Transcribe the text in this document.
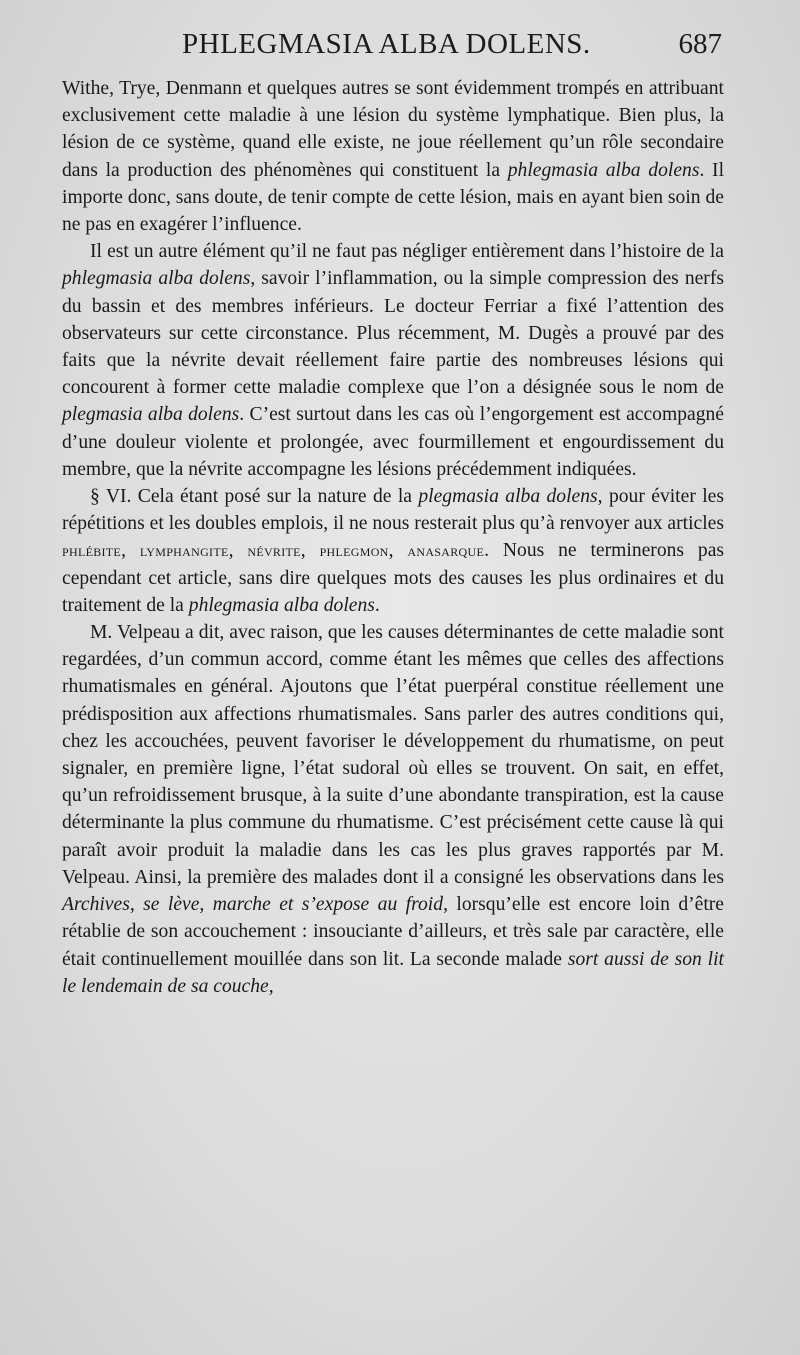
PHLEGMASIA ALBA DOLENS.	687

Withe, Trye, Denmann et quelques autres se sont évidemment trompés en attribuant exclusivement cette maladie à une lésion du système lymphatique. Bien plus, la lésion de ce système, quand elle existe, ne joue réellement qu’un rôle secondaire dans la production des phénomènes qui constituent la phlegmasia alba dolens. Il importe donc, sans doute, de tenir compte de cette lésion, mais en ayant bien soin de ne pas en exagérer l’influence.

Il est un autre élément qu’il ne faut pas négliger entièrement dans l’histoire de la phlegmasia alba dolens, savoir l’inflammation, ou la simple compression des nerfs du bassin et des membres inférieurs. Le docteur Ferriar a fixé l’attention des observateurs sur cette circonstance. Plus récemment, M. Dugès a prouvé par des faits que la névrite devait réellement faire partie des nombreuses lésions qui concourent à former cette maladie complexe que l’on a désignée sous le nom de plegmasia alba dolens. C’est surtout dans les cas où l’engorgement est accompagné d’une douleur violente et prolongée, avec fourmillement et engourdissement du membre, que la névrite accompagne les lésions précédemment indiquées.

§ VI. Cela étant posé sur la nature de la plegmasia alba dolens, pour éviter les répétitions et les doubles emplois, il ne nous resterait plus qu’à renvoyer aux articles phlébite, lymphangite, névrite, phlegmon, anasarque. Nous ne terminerons pas cependant cet article, sans dire quelques mots des causes les plus ordinaires et du traitement de la phlegmasia alba dolens.

M. Velpeau a dit, avec raison, que les causes déterminantes de cette maladie sont regardées, d’un commun accord, comme étant les mêmes que celles des affections rhumatismales en général. Ajoutons que l’état puerpéral constitue réellement une prédisposition aux affections rhumatismales. Sans parler des autres conditions qui, chez les accouchées, peuvent favoriser le développement du rhumatisme, on peut signaler, en première ligne, l’état sudoral où elles se trouvent. On sait, en effet, qu’un refroidissement brusque, à la suite d’une abondante transpiration, est la cause déterminante la plus commune du rhumatisme. C’est précisément cette cause là qui paraît avoir produit la maladie dans les cas les plus graves rapportés par M. Velpeau. Ainsi, la première des malades dont il a consigné les observations dans les Archives, se lève, marche et s’expose au froid, lorsqu’elle est encore loin d’être rétablie de son accouchement : insouciante d’ailleurs, et très sale par caractère, elle était continuellement mouillée dans son lit. La seconde malade sort aussi de son lit le lendemain de sa couche,
